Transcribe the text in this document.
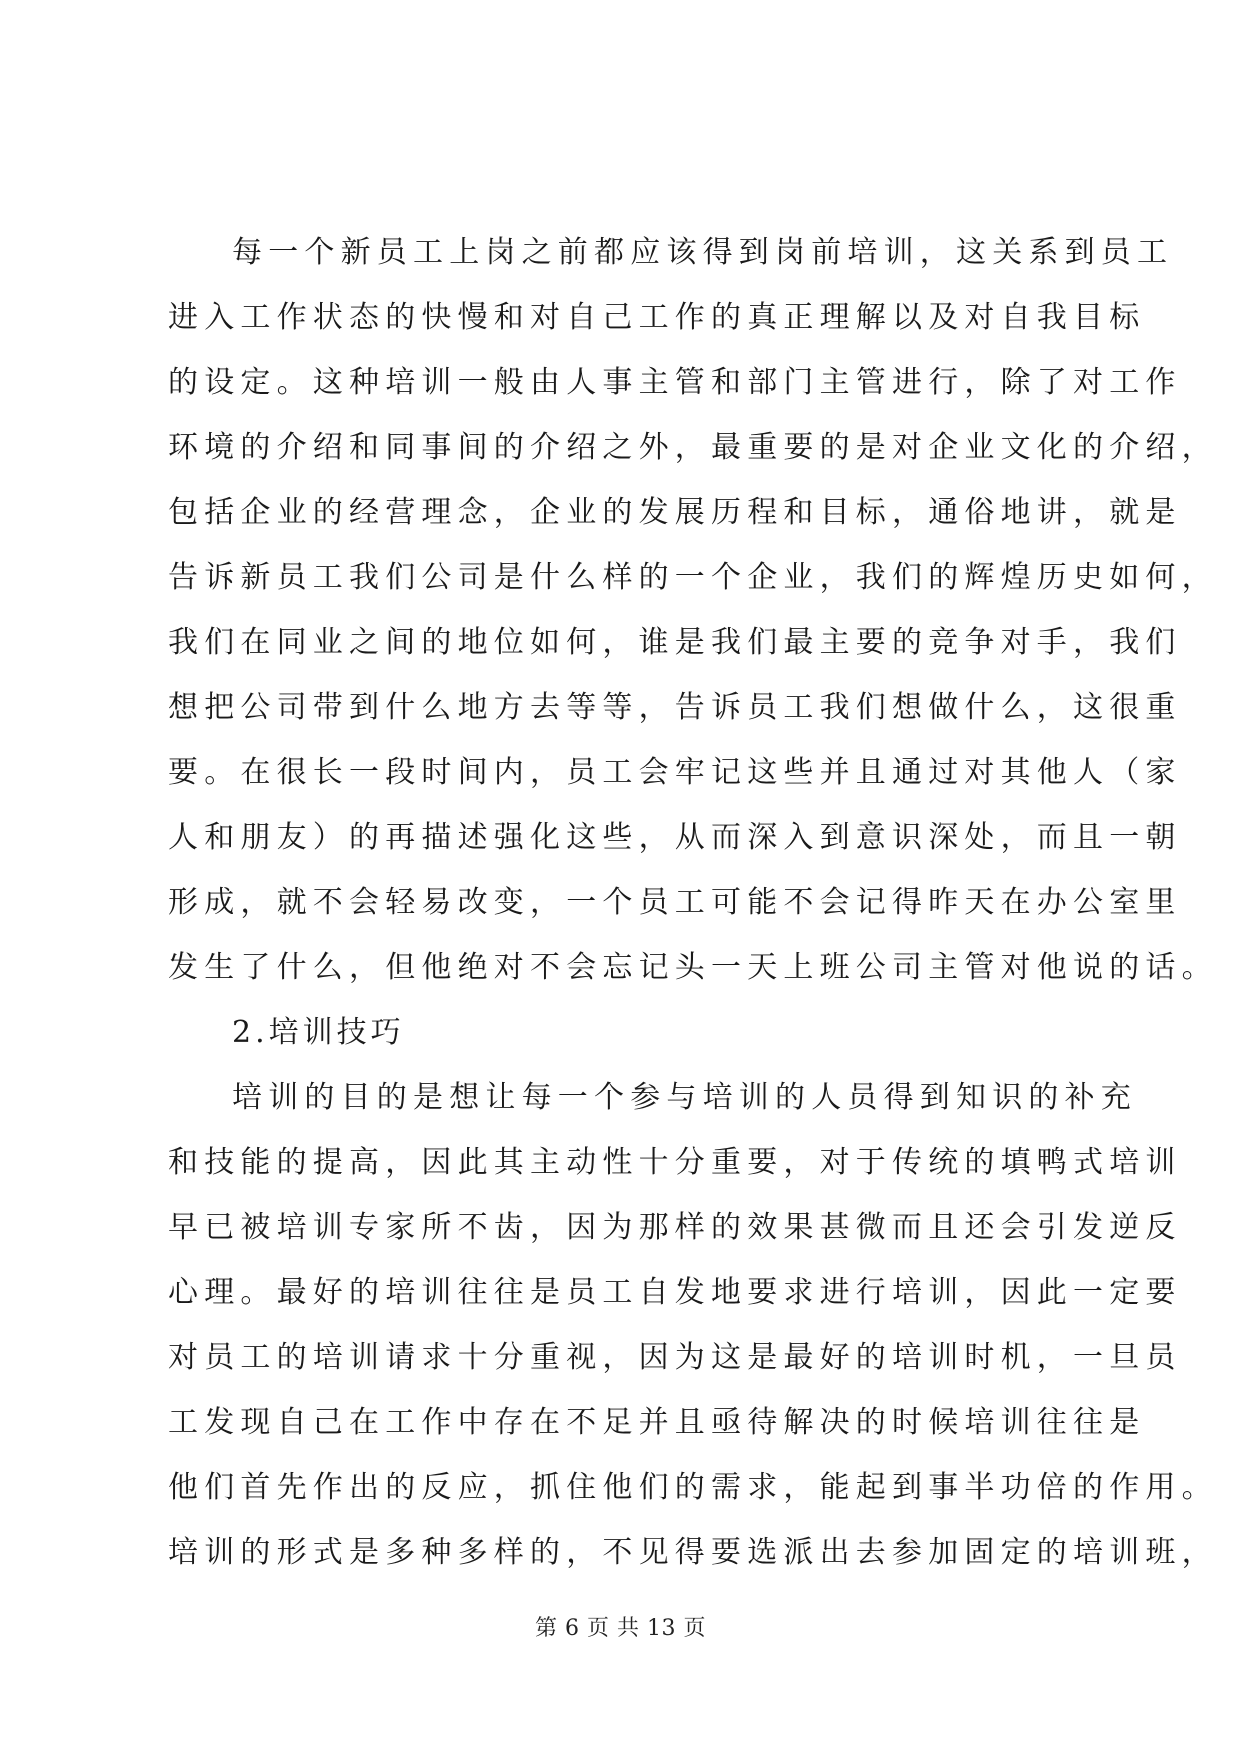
每一个新员工上岗之前都应该得到岗前培训，这关系到员工
进入工作状态的快慢和对自己工作的真正理解以及对自我目标
的设定。这种培训一般由人事主管和部门主管进行，除了对工作
环境的介绍和同事间的介绍之外，最重要的是对企业文化的介绍，
包括企业的经营理念，企业的发展历程和目标，通俗地讲，就是
告诉新员工我们公司是什么样的一个企业，我们的辉煌历史如何，
我们在同业之间的地位如何，谁是我们最主要的竞争对手，我们
想把公司带到什么地方去等等，告诉员工我们想做什么，这很重
要。在很长一段时间内，员工会牢记这些并且通过对其他人（家
人和朋友）的再描述强化这些，从而深入到意识深处，而且一朝
形成，就不会轻易改变，一个员工可能不会记得昨天在办公室里
发生了什么，但他绝对不会忘记头一天上班公司主管对他说的话。
2.培训技巧
培训的目的是想让每一个参与培训的人员得到知识的补充
和技能的提高，因此其主动性十分重要，对于传统的填鸭式培训
早已被培训专家所不齿，因为那样的效果甚微而且还会引发逆反
心理。最好的培训往往是员工自发地要求进行培训，因此一定要
对员工的培训请求十分重视，因为这是最好的培训时机，一旦员
工发现自己在工作中存在不足并且亟待解决的时候培训往往是
他们首先作出的反应，抓住他们的需求，能起到事半功倍的作用。
培训的形式是多种多样的，不见得要选派出去参加固定的培训班，
第 6 页 共 13 页
